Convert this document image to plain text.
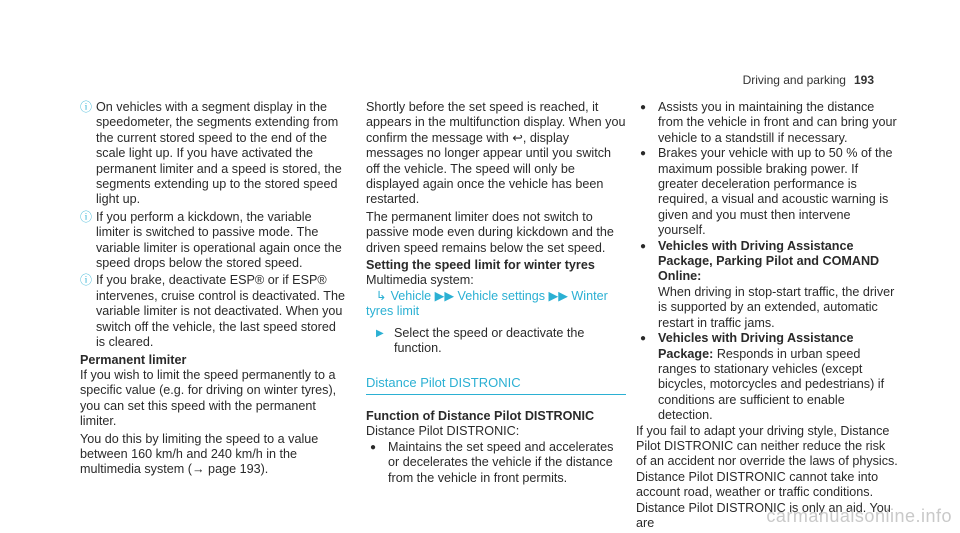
Driving and parking 193
ⓘ On vehicles with a segment display in the speedometer, the segments extending from the current stored speed to the end of the scale light up. If you have activated the permanent limiter and a speed is stored, the segments extending up to the stored speed light up.
ⓘ If you perform a kickdown, the variable limiter is switched to passive mode. The variable limiter is operational again once the speed drops below the stored speed.
ⓘ If you brake, deactivate ESP® or if ESP® intervenes, cruise control is deactivated. The variable limiter is not deactivated. When you switch off the vehicle, the last speed stored is cleared.

Permanent limiter

If you wish to limit the speed permanently to a specific value (e.g. for driving on winter tyres), you can set this speed with the permanent limiter.

You do this by limiting the speed to a value between 160 km/h and 240 km/h in the multimedia system (→ page 193).

Shortly before the set speed is reached, it appears in the multifunction display. When you confirm the message with ↩, display messages no longer appear until you switch off the vehicle. The speed will only be displayed again once the vehicle has been restarted.

The permanent limiter does not switch to passive mode even during kickdown and the driven speed remains below the set speed.

Setting the speed limit for winter tyres

Multimedia system:

↳ Vehicle ▶▶ Vehicle settings ▶▶ Winter tyres limit

▶ Select the speed or deactivate the function.
Distance Pilot DISTRONIC

Function of Distance Pilot DISTRONIC

Distance Pilot DISTRONIC:

● Maintains the set speed and accelerates or decelerates the vehicle if the distance from the vehicle in front permits.
● Assists you in maintaining the distance from the vehicle in front and can bring your vehicle to a standstill if necessary.
● Brakes your vehicle with up to 50 % of the maximum possible braking power. If greater deceleration performance is required, a visual and acoustic warning is given and you must then intervene yourself.
● Vehicles with Driving Assistance Package, Parking Pilot and COMAND Online:
When driving in stop-start traffic, the driver is supported by an extended, automatic restart in traffic jams.
● Vehicles with Driving Assistance Package: Responds in urban speed ranges to stationary vehicles (except bicycles, motorcycles and pedestrians) if conditions are sufficient to enable detection.

If you fail to adapt your driving style, Distance Pilot DISTRONIC can neither reduce the risk of an accident nor override the laws of physics. Distance Pilot DISTRONIC cannot take into account road, weather or traffic conditions. Distance Pilot DISTRONIC is only an aid. You are	carmanualsonline.info
